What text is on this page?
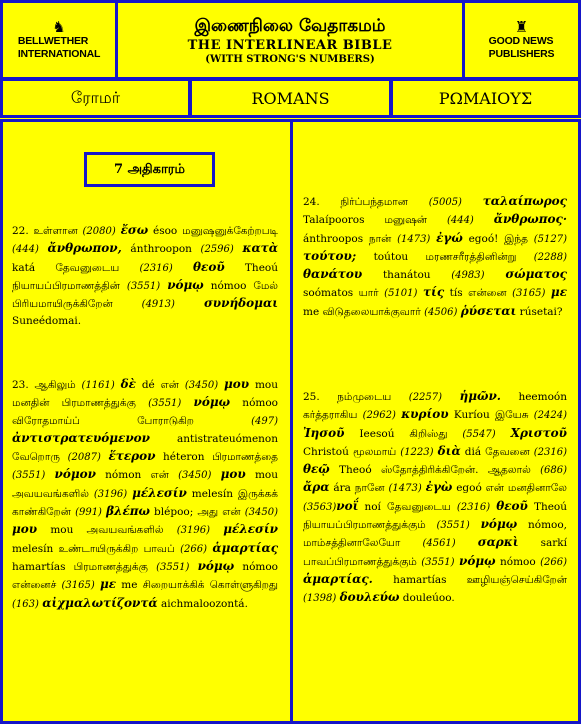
♞
BELLWETHER
INTERNATIONAL
இணைநிலை வேதாகமம்
THE INTERLINEAR BIBLE
(WITH STRONG'S NUMBERS)
♜
GOOD NEWS
PUBLISHERS
ரோமர்	ROMANS	ΡΩΜΑΙΟΥΣ
7 அதிகாரம்
22. உள்ளான (2080) ἔσω ésoo மனுஷனுக்கேற்றபடி (444) ἄνθρωπον, ánthroopon (2596) κατὰ katá தேவனுடைய (2316) θεοῦ Theoú நியாயப்பிரமாணத்தின் (3551) νόμῳ nómoo மேல் பிரியமாயிருக்கிறேன் (4913) συνήδομαι Suneédomai.
23. ஆகிலும் (1161) δὲ dé என் (3450) μου mou மனதின் பிரமாணத்துக்கு (3551) νόμῳ nómoo விரோதமாய்ப் போராடுகிற (497) ἀντιστρατευόμενον antistrateuómenon வேறொரு (2087) ἕτερον héteron பிரமாணத்தை (3551) νόμον nómon என் (3450) μου mou அவயவங்களில் (3196) μέλεσίν melesín இருக்கக் காண்கிறேன் (991) βλέπω blépoo; அது என் (3450) μου mou அவயவங்களில் (3196) μέλεσίν melesín உண்டாயிருக்கிற பாவப் (266) ἁμαρτίας hamartías பிரமாணத்துக்கு (3551) νόμῳ nómoo என்னைச் (3165) με me சிறையாக்கிக் கொள்ளுகிறது (163) αἰχμαλωτίζοντά aichmaloozontá.
24. நிர்ப்பந்தமான (5005) ταλαίπωρος Talaípooros மனுஷன் (444) ἄνθρωπος· ánthroopos நான் (1473) ἐγώ egoó! இந்த (5127) τούτου; toútou மரணசரீரத்தினின்று (2288) θανάτου thanátou (4983) σώματος soómatos யார் (5101) τίς tís என்னை (3165) με me விடுதலையாக்குவார் (4506) ῥύσεται rúsetai?
25. நம்முடைய (2257) ἡμῶν. heemoón கர்த்தராகிய (2962) κυρίου Kuríou இயேசு (2424) Ἰησοῦ Ieesoú கிறிஸ்து (5547) Χριστοῦ Christoú மூலமாய் (1223) διὰ diá தேவனை (2316) θεῷ Theoó ஸ்தோத்திரிக்கிறேன். ஆதலால் (686) ἄρα ára நானே (1473) ἐγὼ egoó என் மனதினாலே (3563)νοΐ noí தேவனுடைய (2316) θεοῦ Theoú நியாயப்பிரமாணத்துக்கும் (3551) νόμῳ nómoo, மாம்சத்தினாலேயோ (4561) σαρκὶ sarkí பாவப்பிரமாணத்துக்கும் (3551) νόμῳ nómoo (266) ἁμαρτίας. hamartías ஊழியஞ்செய்கிறேன் (1398) δουλεύω douleúoo.
